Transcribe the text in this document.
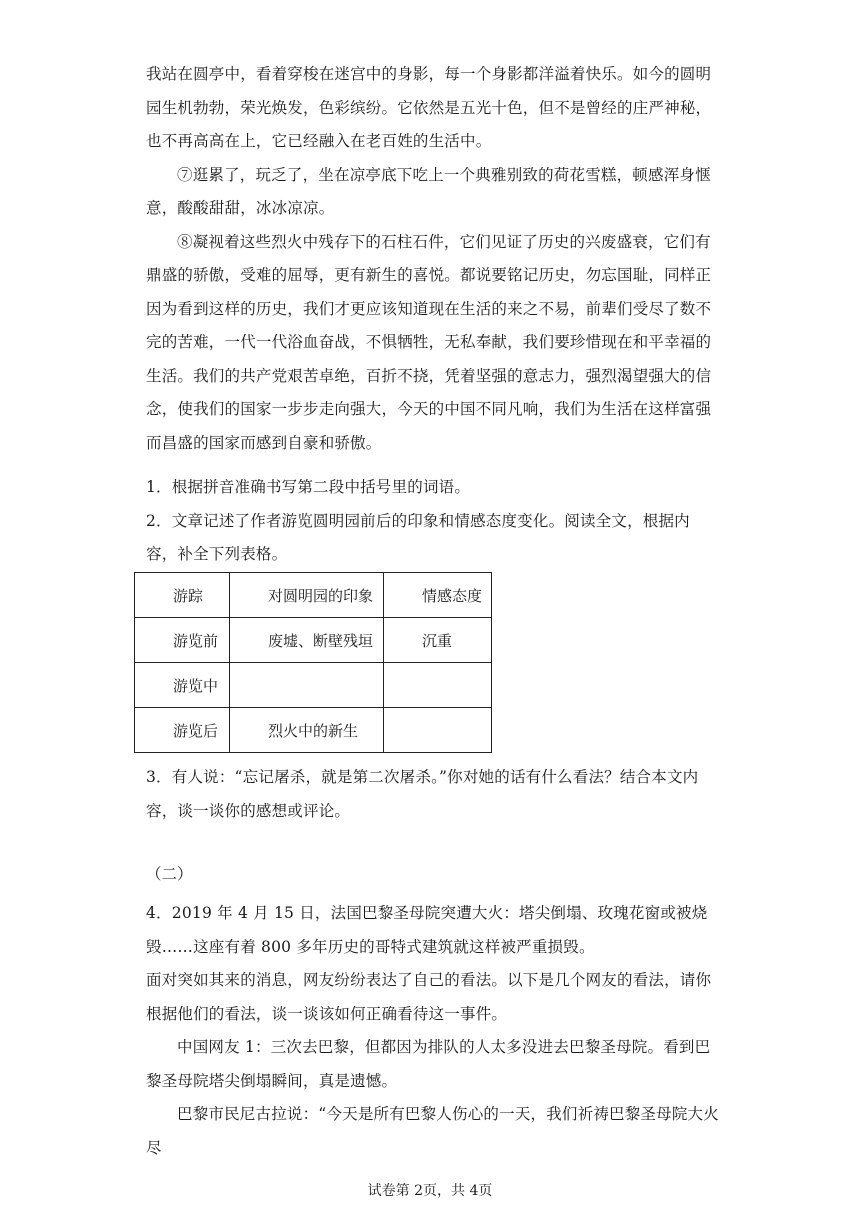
我站在圆亭中，看着穿梭在迷宫中的身影，每一个身影都洋溢着快乐。如今的圆明园生机勃勃，荣光焕发，色彩缤纷。它依然是五光十色，但不是曾经的庄严神秘，也不再高高在上，它已经融入在老百姓的生活中。

⑦逛累了，玩乏了，坐在凉亭底下吃上一个典雅别致的荷花雪糕，顿感浑身惬意，酸酸甜甜，冰冰凉凉。

⑧凝视着这些烈火中残存下的石柱石件，它们见证了历史的兴废盛衰，它们有鼎盛的骄傲，受难的屈辱，更有新生的喜悦。都说要铭记历史，勿忘国耻，同样正因为看到这样的历史，我们才更应该知道现在生活的来之不易，前辈们受尽了数不完的苦难，一代一代浴血奋战，不惧牺牲，无私奉献，我们要珍惜现在和平幸福的生活。我们的共产党艰苦卓绝，百折不挠，凭着坚强的意志力，强烈渴望强大的信念，使我们的国家一步步走向强大，今天的中国不同凡响，我们为生活在这样富强而昌盛的国家而感到自豪和骄傲。

1．根据拼音准确书写第二段中括号里的词语。

2．文章记述了作者游览圆明园前后的印象和情感态度变化。阅读全文，根据内容，补全下列表格。

游踪	对圆明园的印象	情感态度
游览前	废墟、断壁残垣	沉重
游览中		
游览后	烈火中的新生	

3．有人说：“忘记屠杀，就是第二次屠杀。”你对她的话有什么看法？结合本文内容，谈一谈你的感想或评论。

（二）

4．2019 年 4 月 15 日，法国巴黎圣母院突遭大火：塔尖倒塌、玫瑰花窗或被烧毁……这座有着 800 多年历史的哥特式建筑就这样被严重损毁。

面对突如其来的消息，网友纷纷表达了自己的看法。以下是几个网友的看法，请你根据他们的看法，谈一谈该如何正确看待这一事件。

中国网友 1：三次去巴黎，但都因为排队的人太多没进去巴黎圣母院。看到巴黎圣母院塔尖倒塌瞬间，真是遗憾。

巴黎市民尼古拉说：“今天是所有巴黎人伤心的一天，我们祈祷巴黎圣母院大火尽

试卷第 2页，共 4页
